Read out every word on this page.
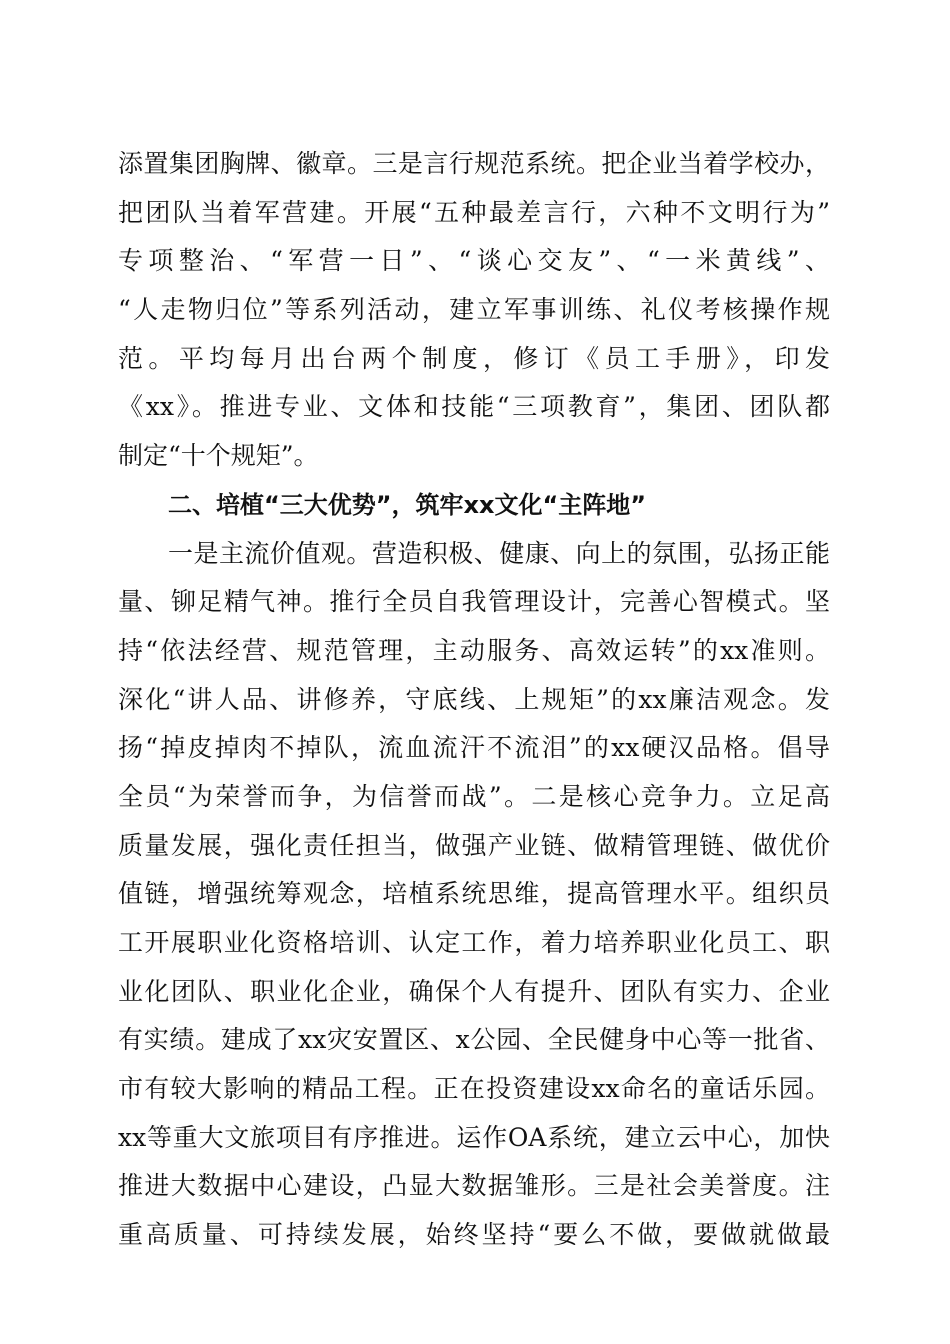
添置集团胸牌、徽章。三是言行规范系统。把企业当着学校办，
把团队当着军营建。开展“五种最差言行，六种不文明行为”
专项整治、“军营一日”、“谈心交友”、“一米黄线”、
“人走物归位”等系列活动，建立军事训练、礼仪考核操作规
范。平均每月出台两个制度，修订《员工手册》，印发
《xx》。推进专业、文体和技能“三项教育”，集团、团队都
制定“十个规矩”。
二、培植“三大优势”，筑牢xx文化“主阵地”
一是主流价值观。营造积极、健康、向上的氛围，弘扬正能
量、铆足精气神。推行全员自我管理设计，完善心智模式。坚
持“依法经营、规范管理，主动服务、高效运转”的xx准则。
深化“讲人品、讲修养，守底线、上规矩”的xx廉洁观念。发
扬“掉皮掉肉不掉队，流血流汗不流泪”的xx硬汉品格。倡导
全员“为荣誉而争，为信誉而战”。二是核心竞争力。立足高
质量发展，强化责任担当，做强产业链、做精管理链、做优价
值链，增强统筹观念，培植系统思维，提高管理水平。组织员
工开展职业化资格培训、认定工作，着力培养职业化员工、职
业化团队、职业化企业，确保个人有提升、团队有实力、企业
有实绩。建成了xx灾安置区、x公园、全民健身中心等一批省、
市有较大影响的精品工程。正在投资建设xx命名的童话乐园。
xx等重大文旅项目有序推进。运作OA系统，建立云中心，加快
推进大数据中心建设，凸显大数据雏形。三是社会美誉度。注
重高质量、可持续发展，始终坚持“要么不做，要做就做最
